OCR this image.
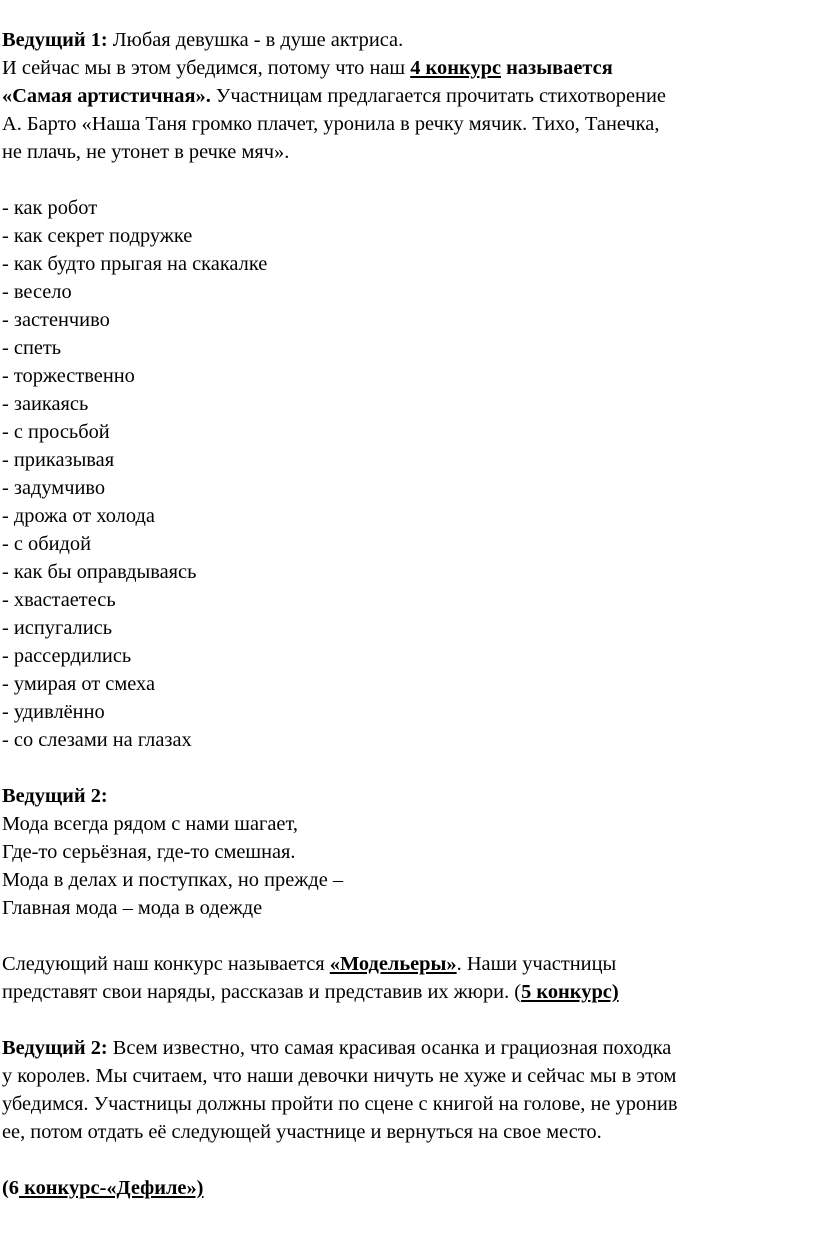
Ведущий 1: Любая девушка - в душе актриса.
И сейчас мы в этом убедимся, потому что наш 4 конкурс называется
«Самая артистичная». Участницам предлагается прочитать стихотворение
А. Барто «Наша Таня громко плачет, уронила в речку мячик. Тихо, Танечка,
не плачь, не утонет в речке мяч».
- как робот
- как секрет подружке
- как будто прыгая на скакалке
- весело
- застенчиво
- спеть
- торжественно
- заикаясь
- с просьбой
- приказывая
- задумчиво
- дрожа от холода
- с обидой
- как бы оправдываясь
- хвастаетесь
- испугались
- рассердились
- умирая от смеха
- удивлённо
- со слезами на глазах
Ведущий 2:
Мода всегда рядом с нами шагает,
Где-то серьёзная, где-то смешная.
Мода в делах и поступках, но прежде –
Главная мода – мода в одежде
Следующий наш конкурс называется «Модельеры». Наши участницы
представят свои наряды, рассказав и представив их жюри. (5 конкурс)
Ведущий 2: Всем известно, что самая красивая осанка и грациозная походка
у королев. Мы считаем, что наши девочки ничуть не хуже и сейчас мы в этом
убедимся. Участницы должны пройти по сцене с книгой на голове, не уронив
ее, потом отдать её следующей участнице и вернуться на свое место.
(6 конкурс-«Дефиле»)
